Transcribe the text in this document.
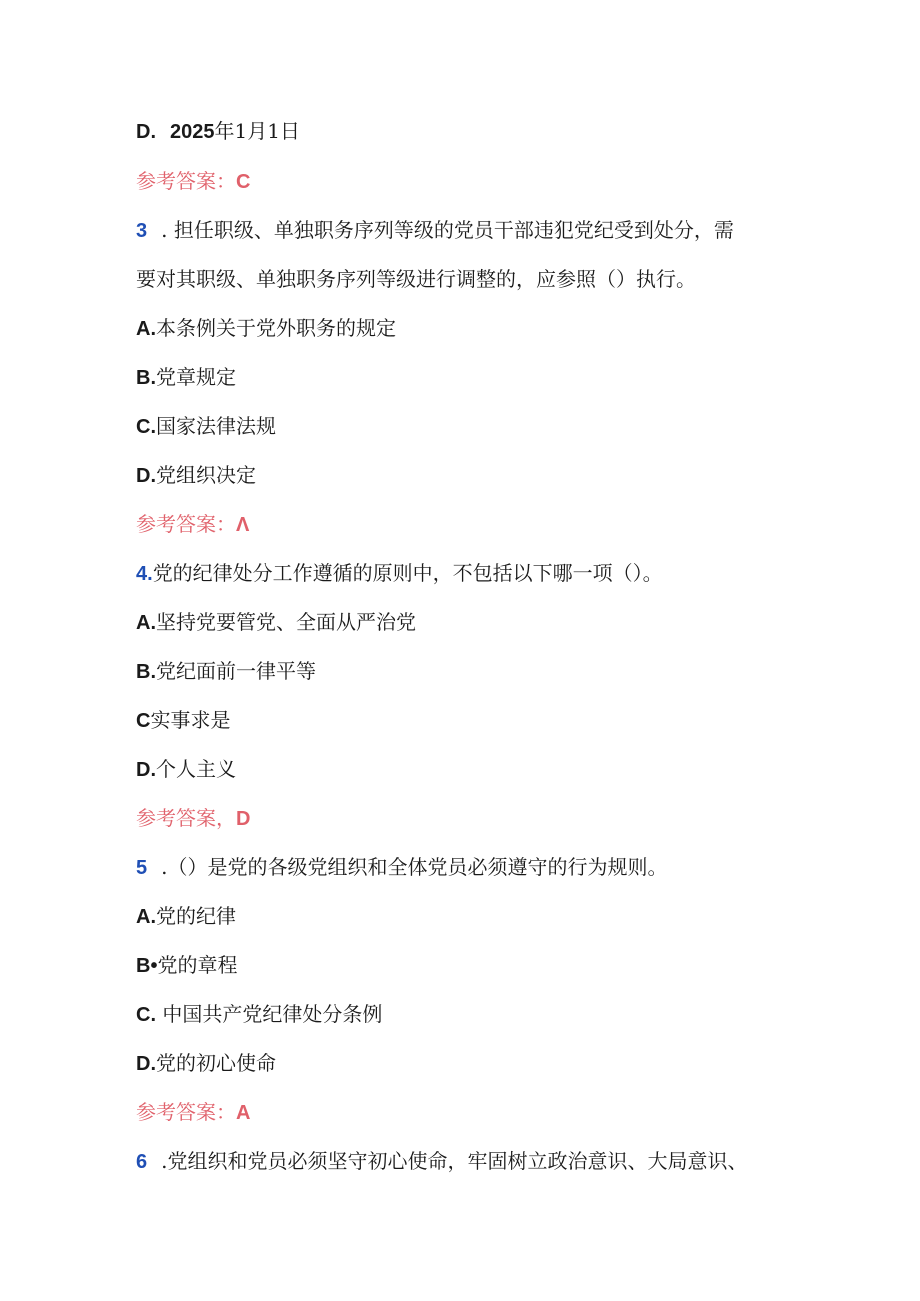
D. 2025年1月1日
参考答案：C
3 . 担任职级、单独职务序列等级的党员干部违犯党纪受到处分，需
要对其职级、单独职务序列等级进行调整的，应参照（）执行。
A.本条例关于党外职务的规定
B.党章规定
C.国家法律法规
D.党组织决定
参考答案：Λ
4.党的纪律处分工作遵循的原则中，不包括以下哪一项（）。
A.坚持党要管党、全面从严治党
B.党纪面前一律平等
C实事求是
D.个人主义
参考答案，D
5 .（）是党的各级党组织和全体党员必须遵守的行为规则。
A.党的纪律
B•党的章程
C. 中国共产党纪律处分条例
D.党的初心使命
参考答案：A
6 .党组织和党员必须坚守初心使命，牢固树立政治意识、大局意识、
